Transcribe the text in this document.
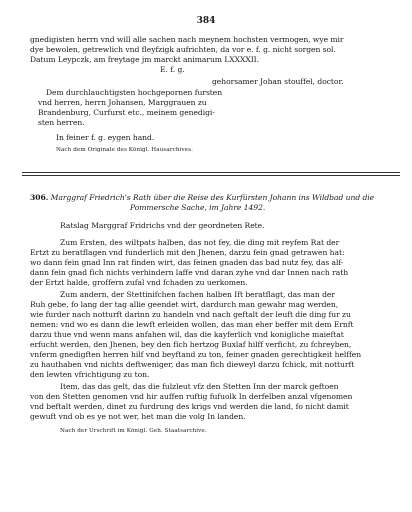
384
gnedigisten herrn vnd will alle sachen nach meynem hochsten vermogen, wye mir
dye bewolen, getrewlich vnd fleyfzigk aufrichten, da vor e. f. g. nicht sorgen sol.
Datum Leypczk, am freytage jm marckt animarum LXXXXII.
E. f. g.
gehorsamer Johan stouffel, doctor.
Dem durchlauchtigsten hochgepornen fursten
vnd herren, herrn Johansen, Marggrauen zu
Brandenburg, Curfurst etc., meinem genedigi-
sten herren.
In feiner f. g. eygen hand.
Nach dem Originale des Königl. Hausarchives.
306. Marggraf Friedrich's Rath über die Reise des Kurfürsten Johann ins Wildbad und die
Pommersche Sache, im Jahre 1492.
Ratslag Marggraf Fridrichs vnd der geordneten Rete.
Zum Ersten, des wiltpats halben, das not fey, die ding mit reyfem Rat der
Ertzt zu beratflagen vnd funderlich mit den Jhenen, darzu fein gnad getrawen hat:
wo dann fein gnad Inn rat finden wirt, das feinen gnaden das bad nutz fey, das alf-
dann fein gnad fich nichts verhindern laffe vnd daran zyhe vnd dar Innen nach rath
der Ertzt halde, groffern zufal vnd fchaden zu uerkomen.
Zum andern, der Stettinifchen fachen halben Ift beratflagt, das man der
Ruh gebe, fo lang der tag allie geendet wirt, dardurch man gewahr mag werden,
wie furder nach notturft darinn zu handeln vnd nach geftalt der leuft die ding fur zu
nemen: vnd wo es dann die lewft erleiden wollen, das man eher beffer mit dem Ernft
darzu thue vnd wenn mans anfahen wil, das die kayferlich vnd konigliche maieftat
erfucht werden, den Jhenen, bey den fich hertzog Buxlaf hilff verficht, zu fchreyben,
vnferm gnedigften herren hilf vnd beyftand zu ton, feiner gnaden gerechtigkeit helffen
zu hauthaben vnd nichts deftweniger, das man fich dieweyl darzu fchick, mit notturft
den lewten vfrichtigung zu ton.
Item, das das gelt, das die fulzleut vfz den Stetten Inn der marck geftoen
von den Stetten genomen vnd hir auffen ruftig fufuolk In derfelben anzal vfgenomen
vnd beftalt werden, dinet zu furdrung des krigs vnd werden die land, fo nicht damit
gewuft vnd ob es ye not wer, het man die volg In landen.
Nach der Urschrift im Königl. Geh. Staatsarchive.
